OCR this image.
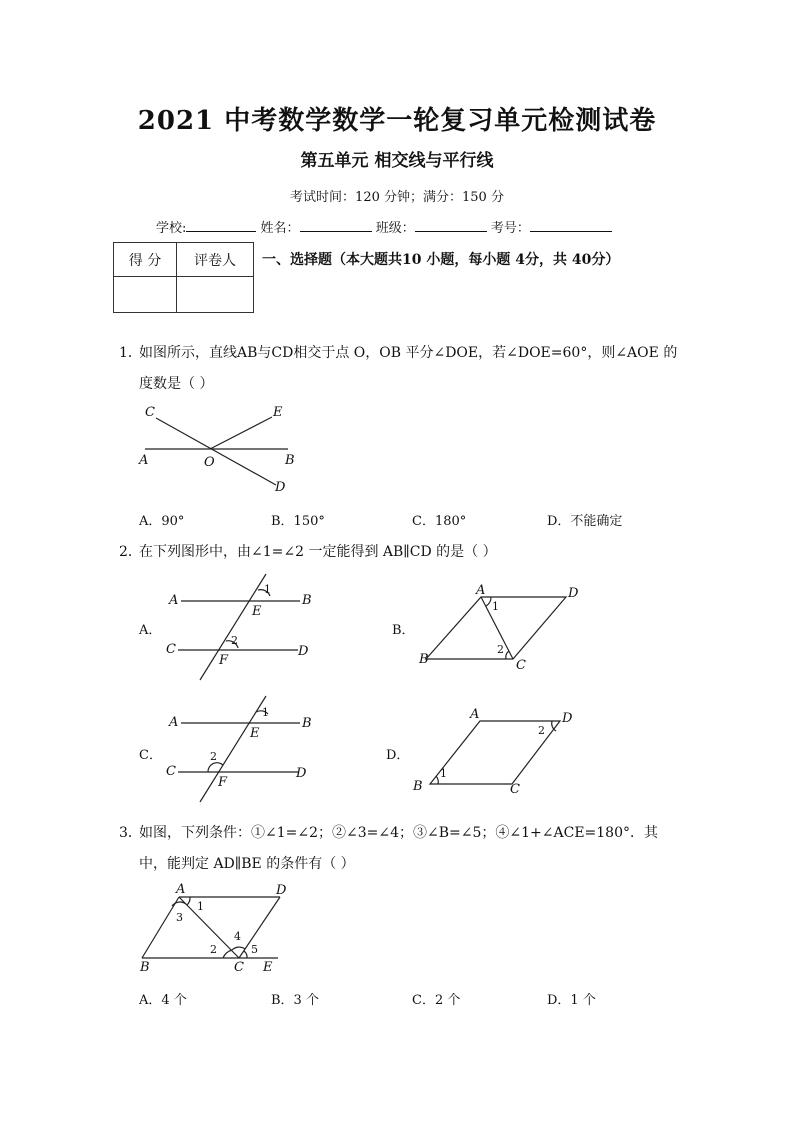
2021 中考数学数学一轮复习单元检测试卷
第五单元 相交线与平行线
考试时间：120 分钟；满分：150 分
学校:	姓名：	班级：	考号：
得 分	评卷人
	一、选择题（本大题共10 小题，每小题 4分，共 40分）
1．
如图所示，直线AB与CD相交于点 O，OB 平分∠DOE，若∠DOE=60°，则∠AOE 的
度数是（ ）
C	E
A	O	B
D
A．90°	B．150°	C．180°	D．不能确定
2．
在下列图形中，由∠1=∠2 一定能得到 AB∥CD 的是（ ）
A．	B．
C．	D．
A	B
E
1
C	D
F
2
A	D
1
2
B	C
A	B
1
E
2
C	D
F
A	D
2
1
B	C
3．
如图，下列条件：①∠1=∠2；②∠3=∠4；③∠B=∠5；④∠1+∠ACE=180°．其
中，能判定 AD∥BE 的条件有（ ）
A	D
1
3
4
2	5
B	C E
A．4 个	B．3 个	C．2 个	D．1 个
